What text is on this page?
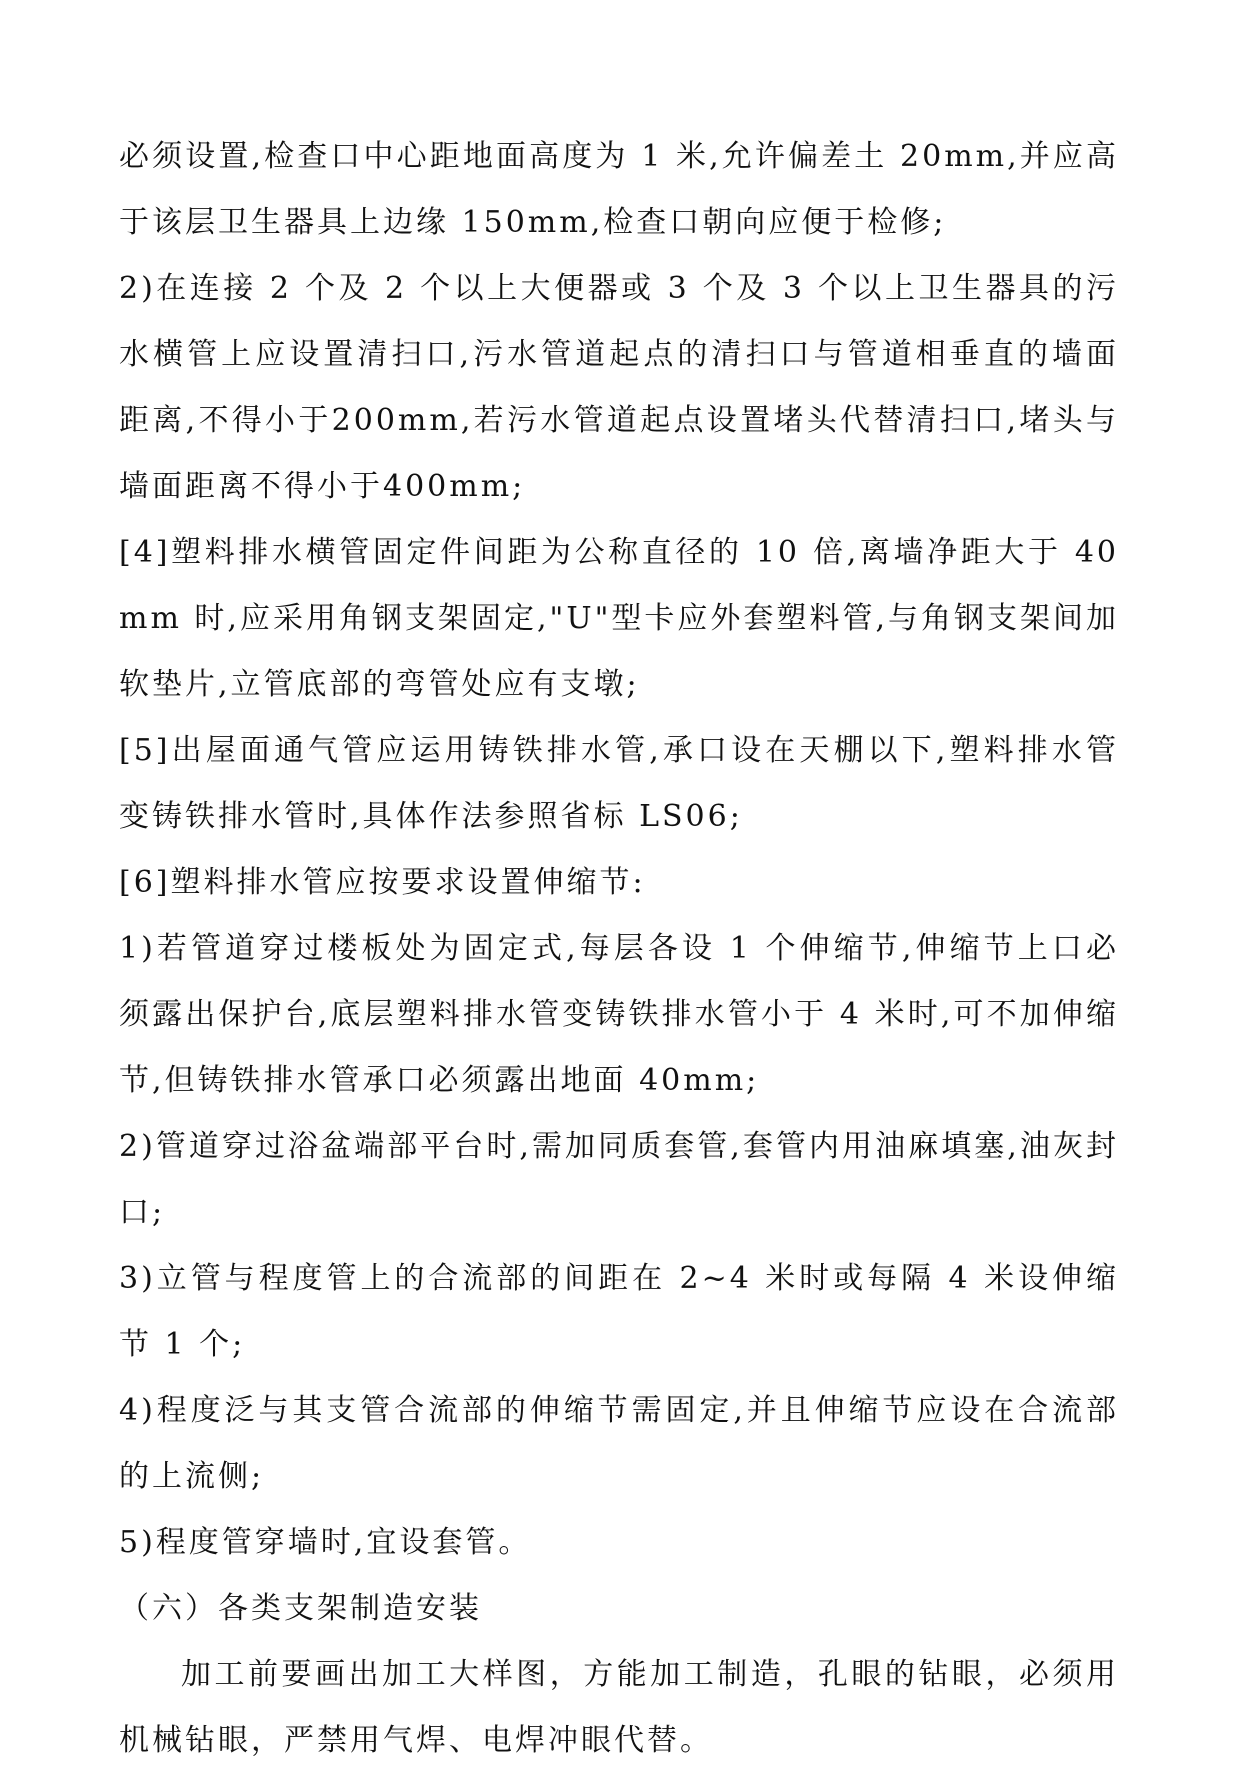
必须设置,检查口中心距地面高度为 1 米,允许偏差土 20mm,并应高于该层卫生器具上边缘 150mm,检查口朝向应便于检修;

2)在连接 2 个及 2 个以上大便器或 3 个及 3 个以上卫生器具的污水横管上应设置清扫口,污水管道起点的清扫口与管道相垂直的墙面距离,不得小于200mm,若污水管道起点设置堵头代替清扫口,堵头与墙面距离不得小于400mm;

[4]塑料排水横管固定件间距为公称直径的 10 倍,离墙净距大于 40mm 时,应采用角钢支架固定,"U"型卡应外套塑料管,与角钢支架间加软垫片,立管底部的弯管处应有支墩;

[5]出屋面通气管应运用铸铁排水管,承口设在天棚以下,塑料排水管变铸铁排水管时,具体作法参照省标 LS06;

[6]塑料排水管应按要求设置伸缩节:

1)若管道穿过楼板处为固定式,每层各设 1 个伸缩节,伸缩节上口必须露出保护台,底层塑料排水管变铸铁排水管小于 4 米时,可不加伸缩节,但铸铁排水管承口必须露出地面 40mm;

2)管道穿过浴盆端部平台时,需加同质套管,套管内用油麻填塞,油灰封口;

3)立管与程度管上的合流部的间距在 2~4 米时或每隔 4 米设伸缩节 1 个;

4)程度泛与其支管合流部的伸缩节需固定,并且伸缩节应设在合流部的上流侧;

5)程度管穿墙时,宜设套管。

（六）各类支架制造安装

加工前要画出加工大样图，方能加工制造，孔眼的钻眼，必须用机械钻眼，严禁用气焊、电焊冲眼代替。
